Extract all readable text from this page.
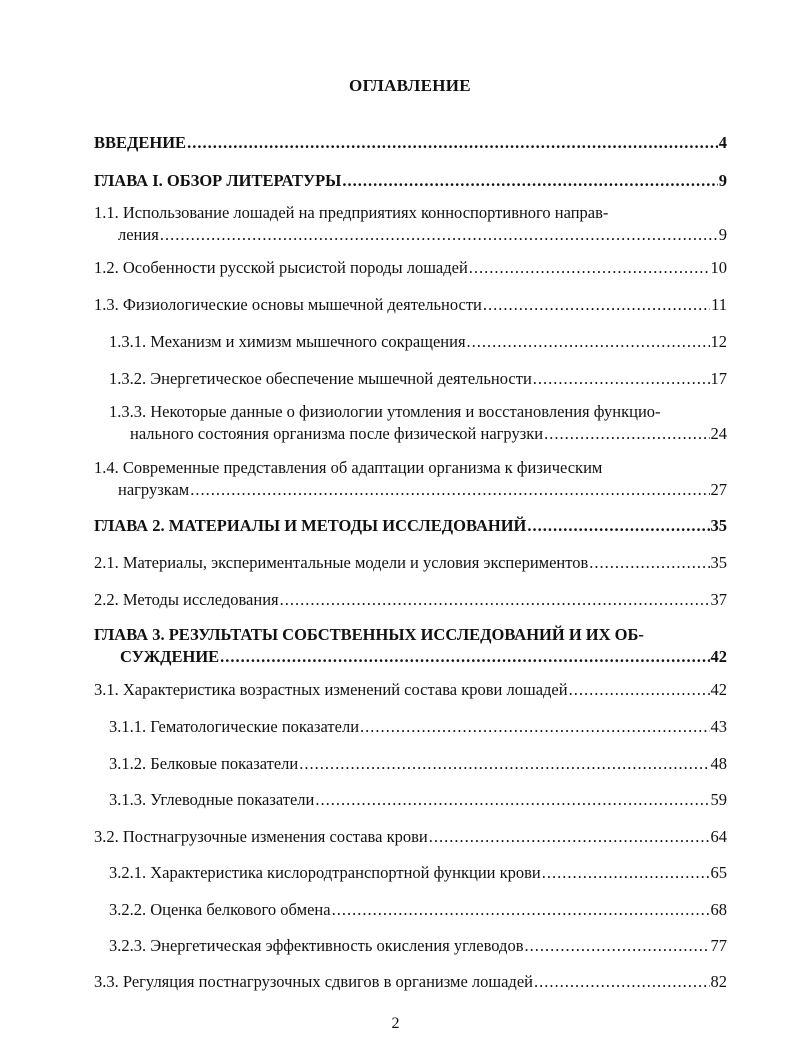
ОГЛАВЛЕНИЕ
ВВЕДЕНИЕ .....	4
ГЛАВА I. ОБЗОР ЛИТЕРАТУРЫ .....	9
1.1. Использование лошадей на предприятиях конноспортивного направ-
ления .....	9
1.2. Особенности русской рысистой породы лошадей .....	10
1.3. Физиологические основы мышечной деятельности .....	11
1.3.1. Механизм и химизм мышечного сокращения .....	12
1.3.2. Энергетическое обеспечение мышечной деятельности .....	17
1.3.3. Некоторые данные о физиологии утомления и восстановления функцио-
нального состояния организма после физической нагрузки .....	24
1.4. Современные представления об адаптации организма к физическим
нагрузкам .....	27
ГЛАВА 2. МАТЕРИАЛЫ И МЕТОДЫ ИССЛЕДОВАНИЙ .....	35
2.1. Материалы, экспериментальные модели и условия экспериментов .....	35
2.2. Методы исследования .....	37
ГЛАВА 3. РЕЗУЛЬТАТЫ СОБСТВЕННЫХ ИССЛЕДОВАНИЙ И ИХ ОБ-
СУЖДЕНИЕ .....	42
3.1. Характеристика возрастных изменений состава крови лошадей .....	42
3.1.1. Гематологические показатели .....	43
3.1.2. Белковые показатели .....	48
3.1.3. Углеводные показатели .....	59
3.2. Постнагрузочные изменения состава крови .....	64
3.2.1. Характеристика кислородтранспортной функции крови .....	65
3.2.2. Оценка белкового обмена .....	68
3.2.3. Энергетическая эффективность окисления углеводов .....	77
3.3. Регуляция постнагрузочных сдвигов в организме лошадей .....	82
2
